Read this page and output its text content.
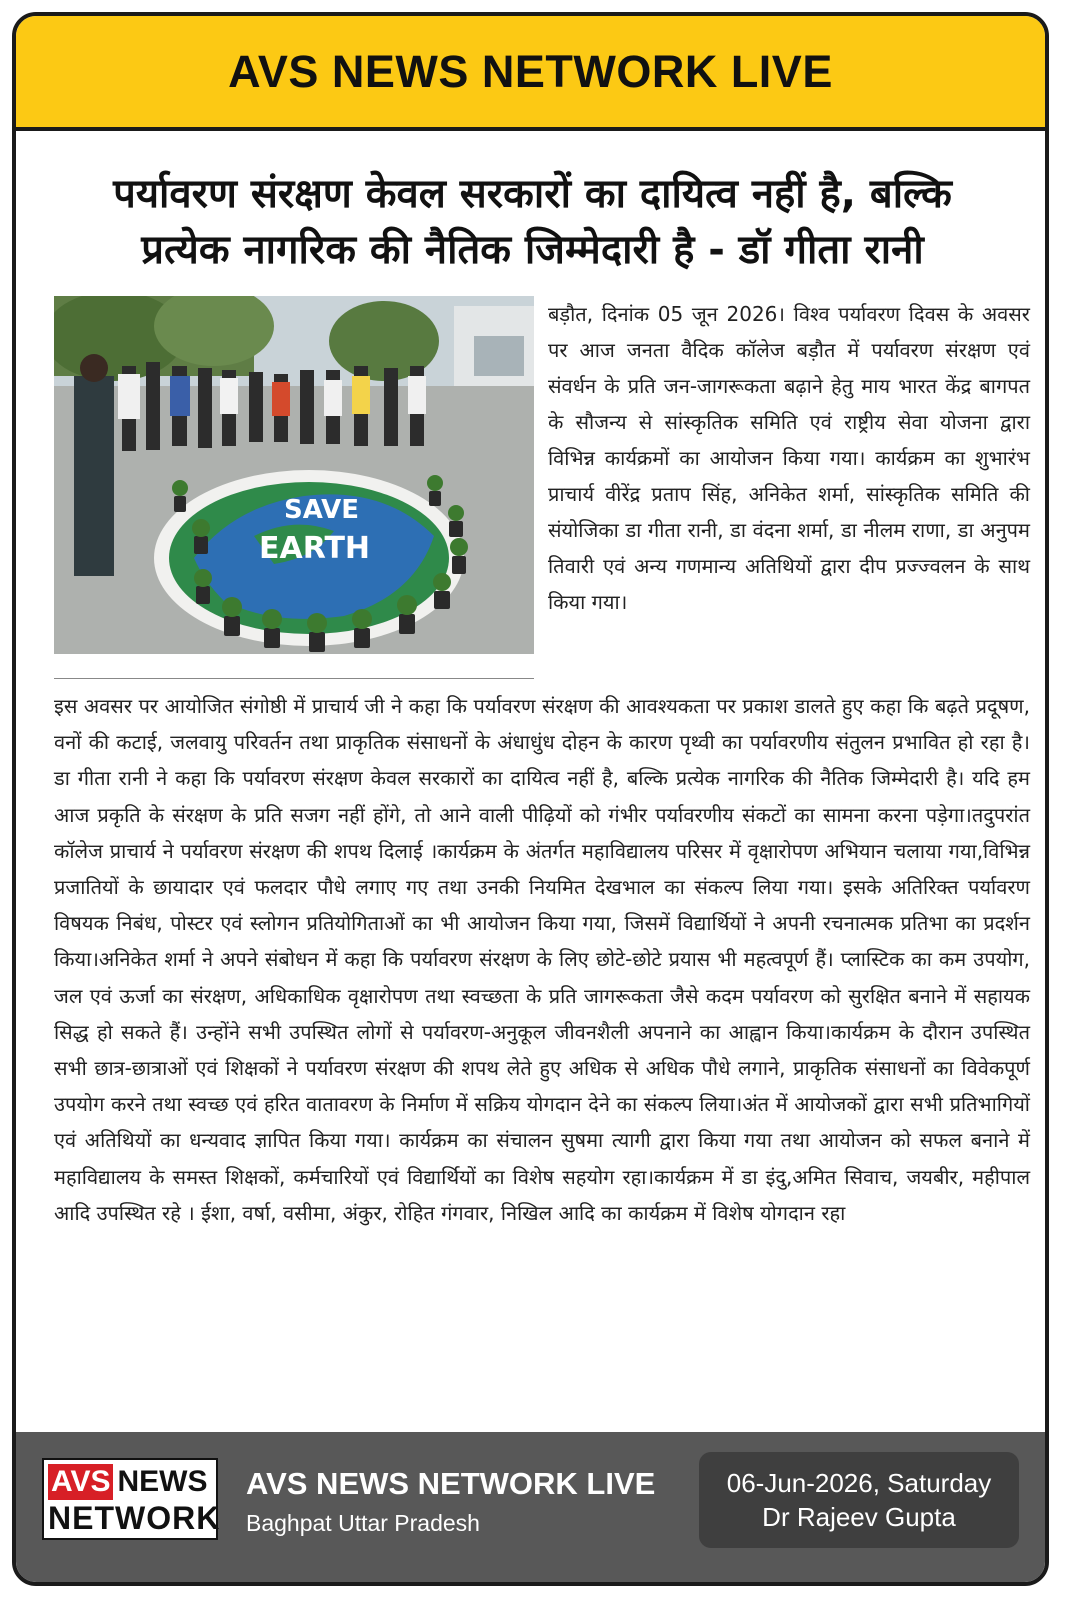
AVS NEWS NETWORK LIVE
पर्यावरण संरक्षण केवल सरकारों का दायित्व नहीं है, बल्कि
प्रत्येक नागरिक की नैतिक जिम्मेदारी है - डॉ गीता रानी
SAVE
EARTH

बड़ौत, दिनांक 05 जून 2026। विश्व पर्यावरण दिवस के अवसर पर आज जनता वैदिक कॉलेज बड़ौत में पर्यावरण संरक्षण एवं संवर्धन के प्रति जन-जागरूकता बढ़ाने हेतु माय भारत केंद्र बागपत के सौजन्य से सांस्कृतिक समिति एवं राष्ट्रीय सेवा योजना द्वारा विभिन्न कार्यक्रमों का आयोजन किया गया। कार्यक्रम का शुभारंभ प्राचार्य वीरेंद्र प्रताप सिंह, अनिकेत शर्मा, सांस्कृतिक समिति की संयोजिका डा गीता रानी, डा वंदना शर्मा, डा नीलम राणा, डा अनुपम तिवारी एवं अन्य गणमान्य अतिथियों द्वारा दीप प्रज्ज्वलन के साथ किया गया।

इस अवसर पर आयोजित संगोष्ठी में प्राचार्य जी ने कहा कि पर्यावरण संरक्षण की आवश्यकता पर प्रकाश डालते हुए कहा कि बढ़ते प्रदूषण, वनों की कटाई, जलवायु परिवर्तन तथा प्राकृतिक संसाधनों के अंधाधुंध दोहन के कारण पृथ्वी का पर्यावरणीय संतुलन प्रभावित हो रहा है। डा गीता रानी ने कहा कि पर्यावरण संरक्षण केवल सरकारों का दायित्व नहीं है, बल्कि प्रत्येक नागरिक की नैतिक जिम्मेदारी है। यदि हम आज प्रकृति के संरक्षण के प्रति सजग नहीं होंगे, तो आने वाली पीढ़ियों को गंभीर पर्यावरणीय संकटों का सामना करना पड़ेगा।तदुपरांत कॉलेज प्राचार्य ने पर्यावरण संरक्षण की शपथ दिलाई ।कार्यक्रम के अंतर्गत महाविद्यालय परिसर में वृक्षारोपण अभियान चलाया गया,विभिन्न प्रजातियों के छायादार एवं फलदार पौधे लगाए गए तथा उनकी नियमित देखभाल का संकल्प लिया गया। इसके अतिरिक्त पर्यावरण विषयक निबंध, पोस्टर एवं स्लोगन प्रतियोगिताओं का भी आयोजन किया गया, जिसमें विद्यार्थियों ने अपनी रचनात्मक प्रतिभा का प्रदर्शन किया।अनिकेत शर्मा ने अपने संबोधन में कहा कि पर्यावरण संरक्षण के लिए छोटे-छोटे प्रयास भी महत्वपूर्ण हैं। प्लास्टिक का कम उपयोग, जल एवं ऊर्जा का संरक्षण, अधिकाधिक वृक्षारोपण तथा स्वच्छता के प्रति जागरूकता जैसे कदम पर्यावरण को सुरक्षित बनाने में सहायक सिद्ध हो सकते हैं। उन्होंने सभी उपस्थित लोगों से पर्यावरण-अनुकूल जीवनशैली अपनाने का आह्वान किया।कार्यक्रम के दौरान उपस्थित सभी छात्र-छात्राओं एवं शिक्षकों ने पर्यावरण संरक्षण की शपथ लेते हुए अधिक से अधिक पौधे लगाने, प्राकृतिक संसाधनों का विवेकपूर्ण उपयोग करने तथा स्वच्छ एवं हरित वातावरण के निर्माण में सक्रिय योगदान देने का संकल्प लिया।अंत में आयोजकों द्वारा सभी प्रतिभागियों एवं अतिथियों का धन्यवाद ज्ञापित किया गया। कार्यक्रम का संचालन सुषमा त्यागी द्वारा किया गया तथा आयोजन को सफल बनाने में महाविद्यालय के समस्त शिक्षकों, कर्मचारियों एवं विद्यार्थियों का विशेष सहयोग रहा।कार्यक्रम में डा इंदु,अमित सिवाच, जयबीर, महीपाल आदि उपस्थित रहे । ईशा, वर्षा, वसीमा, अंकुर, रोहित गंगवार, निखिल आदि का कार्यक्रम में विशेष योगदान रहा

AVS NEWS
NETWORK
AVS NEWS NETWORK LIVE
Baghpat Uttar Pradesh
06-Jun-2026, Saturday
Dr Rajeev Gupta
